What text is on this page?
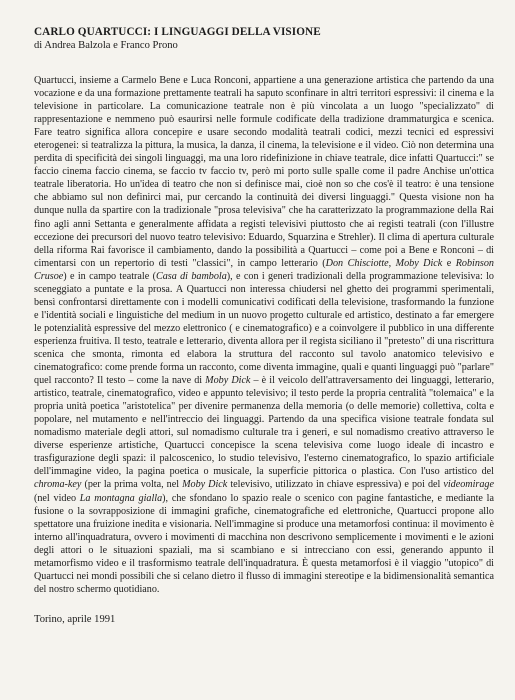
CARLO QUARTUCCI: I LINGUAGGI DELLA VISIONE

di Andrea Balzola e Franco Prono

Quartucci, insieme a Carmelo Bene e Luca Ronconi, appartiene a una generazione artistica che partendo da una vocazione e da una formazione prettamente teatrali ha saputo sconfinare in altri territori espressivi: il cinema e la televisione in particolare. La comunicazione teatrale non è più vincolata a un luogo "specializzato" di rappresentazione e nemmeno può esaurirsi nelle formule codificate della tradizione drammaturgica e scenica. Fare teatro significa allora concepire e usare secondo modalità teatrali codici, mezzi tecnici ed espressivi eterogenei: si teatralizza la pittura, la musica, la danza, il cinema, la televisione e il video. Ciò non determina una perdita di specificità dei singoli linguaggi, ma una loro ridefinizione in chiave teatrale, dice infatti Quartucci:" se faccio cinema faccio cinema, se faccio tv faccio tv, però mi porto sulle spalle come il padre Anchise un'ottica teatrale liberatoria. Ho un'idea di teatro che non si definisce mai, cioè non so che cos'è il teatro: è una tensione che abbiamo sul non definirci mai, pur cercando la continuità dei diversi linguaggi." Questa visione non ha dunque nulla da spartire con la tradizionale "prosa televisiva" che ha caratterizzato la programmazione della Rai fino agli anni Settanta e generalmente affidata a registi televisivi piuttosto che ai registi teatrali (con l'illustre eccezione dei precursori del nuovo teatro televisivo: Eduardo, Squarzina e Strehler). Il clima di apertura culturale della riforma Rai favorisce il cambiamento, dando la possibilità a Quartucci – come poi a Bene e Ronconi – di cimentarsi con un repertorio di testi "classici", in campo letterario (Don Chisciotte, Moby Dick e Robinson Crusoe) e in campo teatrale (Casa di bambola), e con i generi tradizionali della programmazione televisiva: lo sceneggiato a puntate e la prosa. A Quartucci non interessa chiudersi nel ghetto dei programmi sperimentali, bensì confrontarsi direttamente con i modelli comunicativi codificati della televisione, trasformando la funzione e l'identità sociali e linguistiche del medium in un nuovo progetto culturale ed artistico, destinato a far emergere le potenzialità espressive del mezzo elettronico ( e cinematografico) e a coinvolgere il pubblico in una differente esperienza fruitiva. Il testo, teatrale e letterario, diventa allora per il regista siciliano il "pretesto" di una riscrittura scenica che smonta, rimonta ed elabora la struttura del racconto sul tavolo anatomico televisivo e cinematografico: come prende forma un racconto, come diventa immagine, quali e quanti linguaggi può "parlare" quel racconto? Il testo – come la nave di Moby Dick – è il veicolo dell'attraversamento dei linguaggi, letterario, artistico, teatrale, cinematografico, video e appunto televisivo; il testo perde la propria centralità "tolemaica" e la propria unità poetica "aristotelica" per divenire permanenza della memoria (o delle memorie) collettiva, colta e popolare, nel mutamento e nell'intreccio dei linguaggi. Partendo da una specifica visione teatrale fondata sul nomadismo materiale degli attori, sul nomadismo culturale tra i generi, e sul nomadismo creativo attraverso le diverse esperienze artistiche, Quartucci concepisce la scena televisiva come luogo ideale di incastro e trasfigurazione degli spazi: il palcoscenico, lo studio televisivo, l'esterno cinematografico, lo spazio artificiale dell'immagine video, la pagina poetica o musicale, la superficie pittorica o plastica. Con l'uso artistico del chroma-key (per la prima volta, nel Moby Dick televisivo, utilizzato in chiave espressiva) e poi del videomirage (nel video La montagna gialla), che sfondano lo spazio reale o scenico con pagine fantastiche, e mediante la fusione o la sovrapposizione di immagini grafiche, cinematografiche ed elettroniche, Quartucci propone allo spettatore una fruizione inedita e visionaria. Nell'immagine si produce una metamorfosi continua: il movimento è interno all'inquadratura, ovvero i movimenti di macchina non descrivono semplicemente i movimenti e le azioni degli attori o le situazioni spaziali, ma si scambiano e si intrecciano con essi, generando appunto il metamorfismo video e il trasformismo teatrale dell'inquadratura. È questa metamorfosi è il viaggio "utopico" di Quartucci nei mondi possibili che si celano dietro il flusso di immagini stereotipe e la bidimensionalità semantica del nostro schermo quotidiano.

Torino, aprile 1991
